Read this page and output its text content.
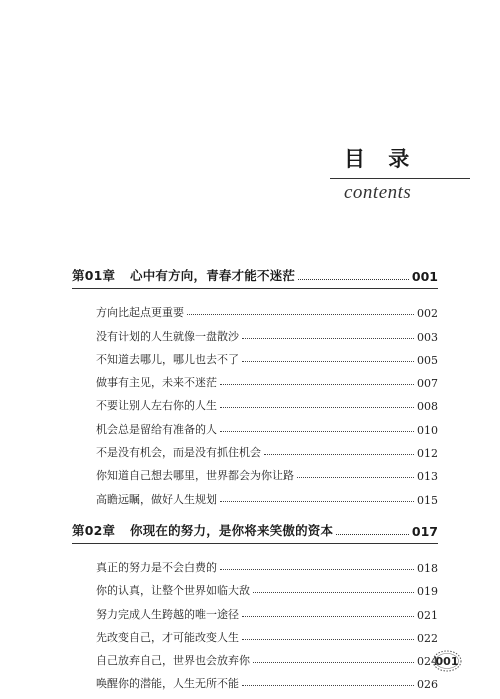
目 录
contents
第01章 心中有方向，青春才能不迷茫	001
方向比起点更重要	002
没有计划的人生就像一盘散沙	003
不知道去哪儿，哪儿也去不了	005
做事有主见，未来不迷茫	007
不要让别人左右你的人生	008
机会总是留给有准备的人	010
不是没有机会，而是没有抓住机会	012
你知道自己想去哪里，世界都会为你让路	013
高瞻远瞩，做好人生规划	015
第02章 你现在的努力，是你将来笑傲的资本	017
真正的努力是不会白费的	018
你的认真，让整个世界如临大敌	019
努力完成人生跨越的唯一途径	021
先改变自己，才可能改变人生	022
自己放弃自己，世界也会放弃你	024
唤醒你的潜能，人生无所不能	026
001
